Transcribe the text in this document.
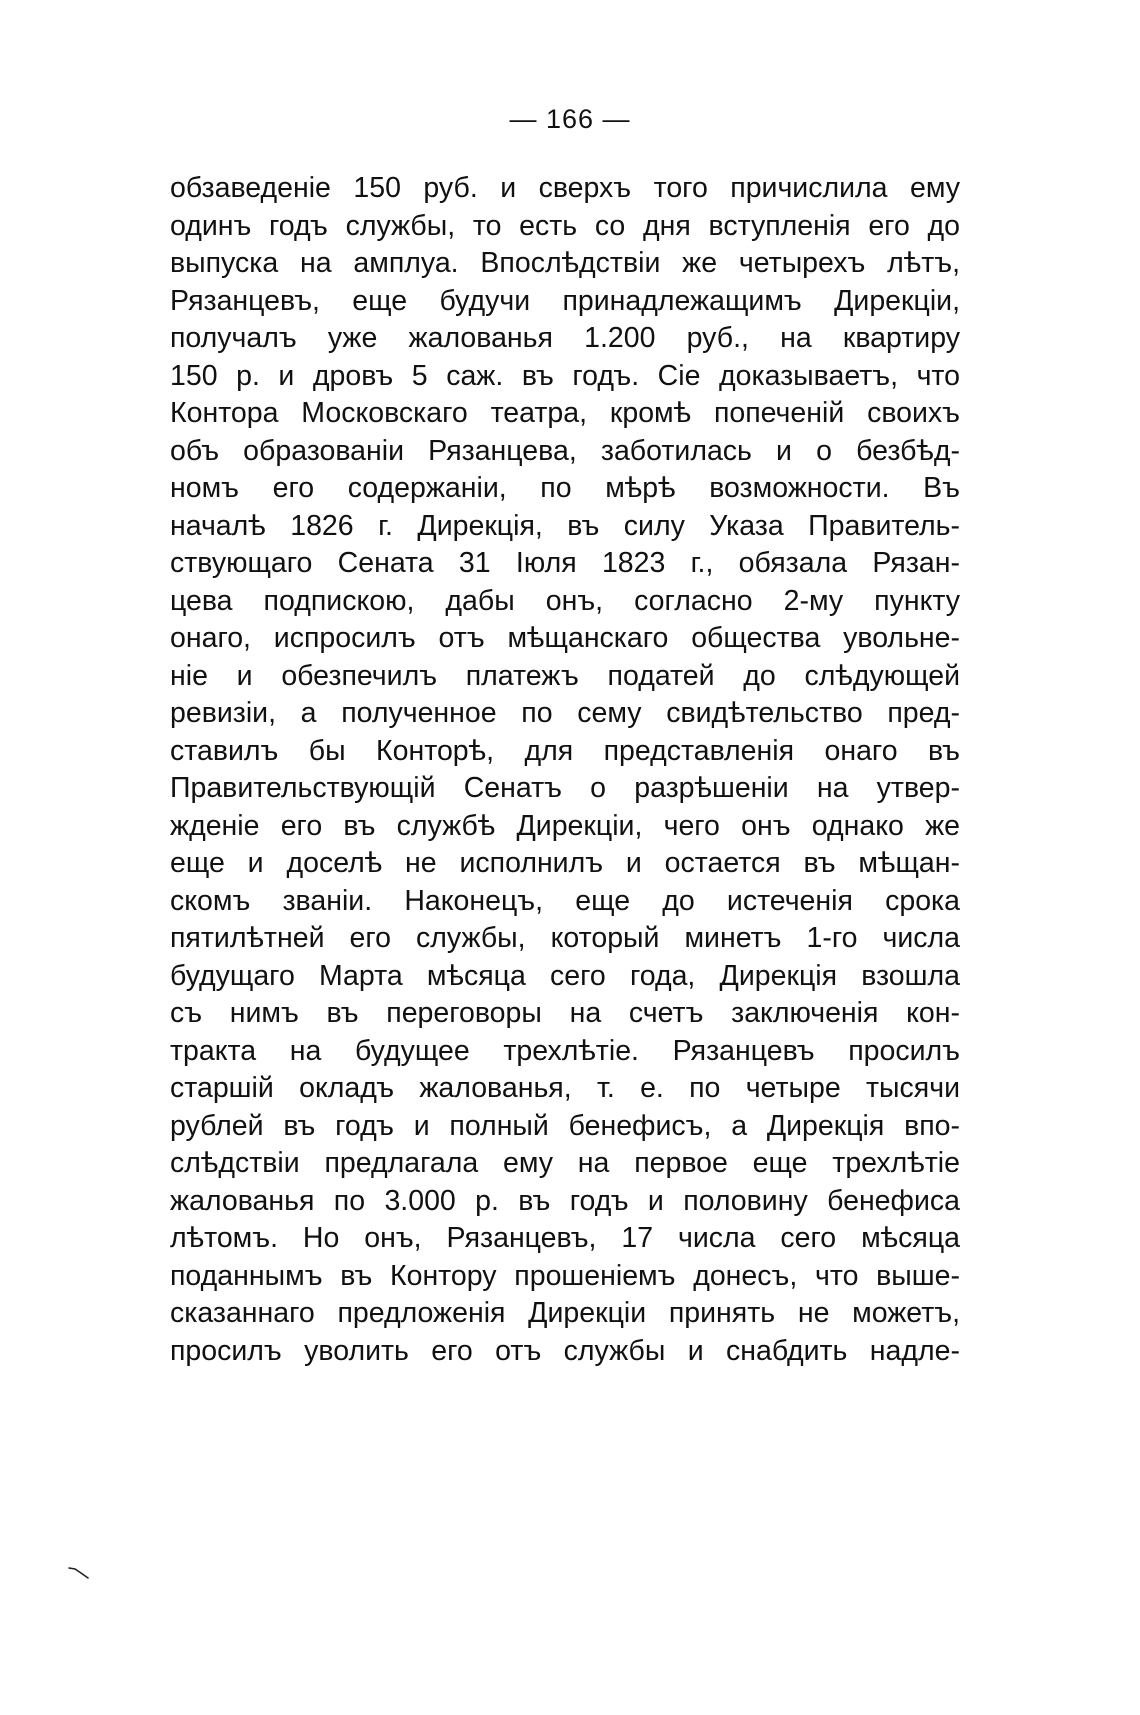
— 166 —
обзаведеніе 150 руб. и сверхъ того причислила ему
одинъ годъ службы, то есть со дня вступленія его до
выпуска на амплуа. Впослѣдствіи же четырехъ лѣтъ,
Рязанцевъ, еще будучи принадлежащимъ Дирекціи,
получалъ уже жалованья 1.200 руб., на квартиру
150 р. и дровъ 5 саж. въ годъ. Сіе доказываетъ, что
Контора Московскаго театра, кромѣ попеченій своихъ
объ образованіи Рязанцева, заботилась и о безбѣд-
номъ его содержаніи, по мѣрѣ возможности. Въ
началѣ 1826 г. Дирекція, въ силу Указа Правитель-
ствующаго Сената 31 Іюля 1823 г., обязала Рязан-
цева подпискою, дабы онъ, согласно 2-му пункту
онаго, испросилъ отъ мѣщанскаго общества увольне-
ніе и обезпечилъ платежъ податей до слѣдующей
ревизіи, а полученное по сему свидѣтельство пред-
ставилъ бы Конторѣ, для представленія онаго въ
Правительствующій Сенатъ о разрѣшеніи на утвер-
жденіе его въ службѣ Дирекціи, чего онъ однако же
еще и доселѣ не исполнилъ и остается въ мѣщан-
скомъ званіи. Наконецъ, еще до истеченія срока
пятилѣтней его службы, который минетъ 1-го числа
будущаго Марта мѣсяца сего года, Дирекція взошла
съ нимъ въ переговоры на счетъ заключенія кон-
тракта на будущее трехлѣтіе. Рязанцевъ просилъ
старшій окладъ жалованья, т. е. по четыре тысячи
рублей въ годъ и полный бенефисъ, а Дирекція впо-
слѣдствіи предлагала ему на первое еще трехлѣтіе
жалованья по 3.000 р. въ годъ и половину бенефиса
лѣтомъ. Но онъ, Рязанцевъ, 17 числа сего мѣсяца
поданнымъ въ Контору прошеніемъ донесъ, что выше-
сказаннаго предложенія Дирекціи принять не можетъ,
просилъ уволить его отъ службы и снабдить надле-
